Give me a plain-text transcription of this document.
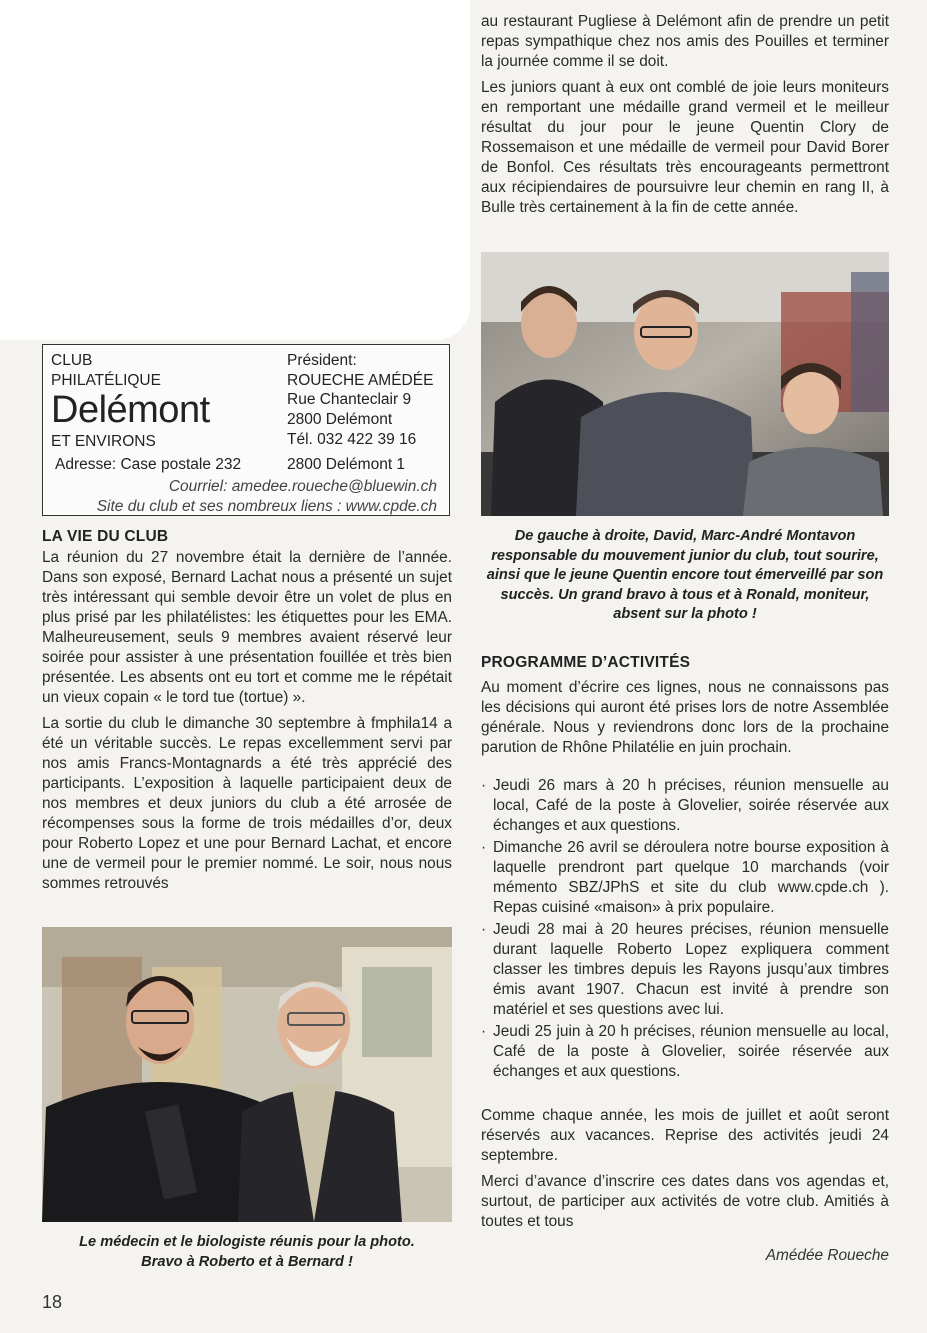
au restaurant Pugliese à Delémont afin de prendre un petit repas sympathique chez nos amis des Pouilles et terminer la journée comme il se doit.

Les juniors quant à eux ont comblé de joie leurs moniteurs en remportant une médaille grand vermeil et le meilleur résultat du jour pour le jeune Quentin Clory de Rossemaison et une médaille de vermeil pour David Borer de Bonfol. Ces résultats très encourageants permettront aux récipiendaires de poursuivre leur chemin en rang II, à Bulle très certainement à la fin de cette année.

CLUB
PHILATÉLIQUE
Delémont
ET ENVIRONS
Adresse: Case postale 232
Président:
ROUECHE AMÉDÉE
Rue Chanteclair 9
2800 Delémont
Tél. 032 422 39 16
2800 Delémont 1
Courriel: amedee.roueche@bluewin.ch
Site du club et ses nombreux liens : www.cpde.ch
LA VIE DU CLUB

La réunion du 27 novembre était la dernière de l’année. Dans son exposé, Bernard Lachat nous a présenté un sujet très intéressant qui semble devoir être un volet de plus en plus prisé par les philatélistes: les étiquettes pour les EMA. Malheureusement, seuls 9 membres avaient réservé leur soirée pour assister à une présentation fouillée et très bien présentée. Les absents ont eu tort et comme me le répétait un vieux copain « le tord tue (tortue) ».

La sortie du club le dimanche 30 septembre à fmphila14 a été un véritable succès. Le repas excellemment servi par nos amis Francs-Montagnards a été très apprécié des participants. L’exposition à laquelle participaient deux de nos membres et deux juniors du club a été arrosée de récompenses sous la forme de trois médailles d’or, deux pour Roberto Lopez et une pour Bernard Lachat, et encore une de vermeil pour le premier nommé. Le soir, nous nous sommes retrouvés

De gauche à droite, David, Marc-André Montavon responsable du mouvement junior du club, tout sourire, ainsi que le jeune Quentin encore tout émerveillé par son succès. Un grand bravo à tous et à Ronald, moniteur, absent sur la photo !
PROGRAMME D’ACTIVITÉS

Au moment d’écrire ces lignes, nous ne connaissons pas les décisions qui auront été prises lors de notre Assemblée générale. Nous y reviendrons donc lors de la prochaine parution de Rhône Philatélie en juin prochain.

· Jeudi 26 mars à 20 h précises, réunion mensuelle au local, Café de la poste à Glovelier, soirée réservée aux échanges et aux questions.
· Dimanche 26 avril se déroulera notre bourse exposition à laquelle prendront part quelque 10 marchands (voir mémento SBZ/JPhS et site du club www.cpde.ch ). Repas cuisiné «maison» à prix populaire.
· Jeudi 28 mai à 20 heures précises, réunion mensuelle durant laquelle Roberto Lopez expliquera comment classer les timbres depuis les Rayons jusqu’aux timbres émis avant 1907. Chacun est invité à prendre son matériel et ses questions avec lui.
· Jeudi 25 juin à 20 h précises, réunion mensuelle au local, Café de la poste à Glovelier, soirée réservée aux échanges et aux questions.

Comme chaque année, les mois de juillet et août seront réservés aux vacances. Reprise des activités jeudi 24 septembre.

Merci d’avance d’inscrire ces dates dans vos agendas et, surtout, de participer aux activités de votre club. Amitiés à toutes et tous

Amédée Roueche
Le médecin et le biologiste réunis pour la photo.
Bravo à Roberto et à Bernard !
18
